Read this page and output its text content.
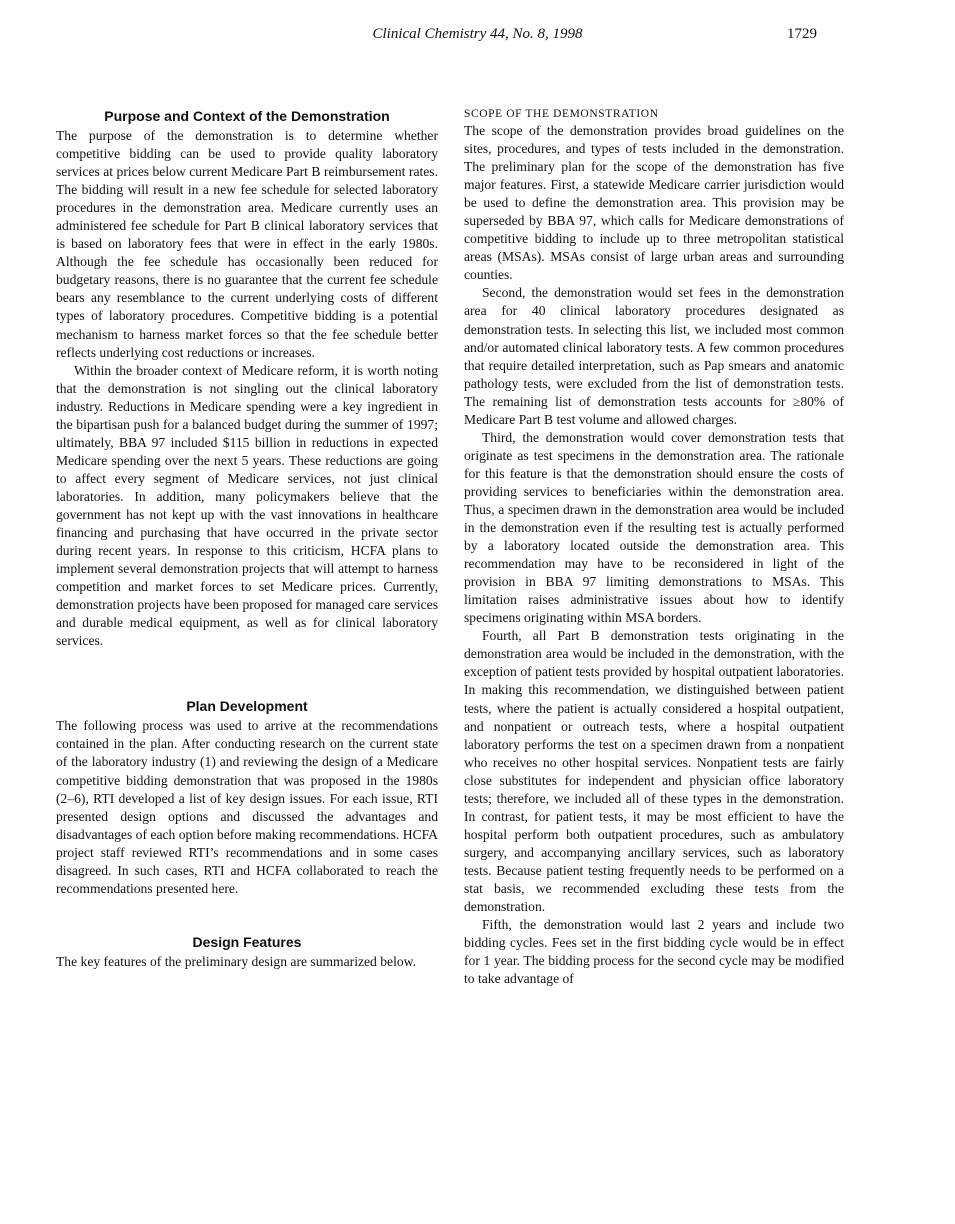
Clinical Chemistry 44, No. 8, 1998	1729
Purpose and Context of the Demonstration

The purpose of the demonstration is to determine whether competitive bidding can be used to provide quality laboratory services at prices below current Medicare Part B reimbursement rates. The bidding will result in a new fee schedule for selected laboratory procedures in the demonstration area. Medicare currently uses an administered fee schedule for Part B clinical laboratory services that is based on laboratory fees that were in effect in the early 1980s. Although the fee schedule has occasionally been reduced for budgetary reasons, there is no guarantee that the current fee schedule bears any resemblance to the current underlying costs of different types of laboratory procedures. Competitive bidding is a potential mechanism to harness market forces so that the fee schedule better reflects underlying cost reductions or increases.

Within the broader context of Medicare reform, it is worth noting that the demonstration is not singling out the clinical laboratory industry. Reductions in Medicare spending were a key ingredient in the bipartisan push for a balanced budget during the summer of 1997; ultimately, BBA 97 included $115 billion in reductions in expected Medicare spending over the next 5 years. These reductions are going to affect every segment of Medicare services, not just clinical laboratories. In addition, many policymakers believe that the government has not kept up with the vast innovations in healthcare financing and purchasing that have occurred in the private sector during recent years. In response to this criticism, HCFA plans to implement several demonstration projects that will attempt to harness competition and market forces to set Medicare prices. Currently, demonstration projects have been proposed for managed care services and durable medical equipment, as well as for clinical laboratory services.

Plan Development

The following process was used to arrive at the recommendations contained in the plan. After conducting research on the current state of the laboratory industry (1) and reviewing the design of a Medicare competitive bidding demonstration that was proposed in the 1980s (2–6), RTI developed a list of key design issues. For each issue, RTI presented design options and discussed the advantages and disadvantages of each option before making recommendations. HCFA project staff reviewed RTI’s recommendations and in some cases disagreed. In such cases, RTI and HCFA collaborated to reach the recommendations presented here.

Design Features

The key features of the preliminary design are summarized below.

SCOPE OF THE DEMONSTRATION

The scope of the demonstration provides broad guidelines on the sites, procedures, and types of tests included in the demonstration. The preliminary plan for the scope of the demonstration has five major features. First, a statewide Medicare carrier jurisdiction would be used to define the demonstration area. This provision may be superseded by BBA 97, which calls for Medicare demonstrations of competitive bidding to include up to three metropolitan statistical areas (MSAs). MSAs consist of large urban areas and surrounding counties.

Second, the demonstration would set fees in the demonstration area for 40 clinical laboratory procedures designated as demonstration tests. In selecting this list, we included most common and/or automated clinical laboratory tests. A few common procedures that require detailed interpretation, such as Pap smears and anatomic pathology tests, were excluded from the list of demonstration tests. The remaining list of demonstration tests accounts for ≥80% of Medicare Part B test volume and allowed charges.

Third, the demonstration would cover demonstration tests that originate as test specimens in the demonstration area. The rationale for this feature is that the demonstration should ensure the costs of providing services to beneficiaries within the demonstration area. Thus, a specimen drawn in the demonstration area would be included in the demonstration even if the resulting test is actually performed by a laboratory located outside the demonstration area. This recommendation may have to be reconsidered in light of the provision in BBA 97 limiting demonstrations to MSAs. This limitation raises administrative issues about how to identify specimens originating within MSA borders.

Fourth, all Part B demonstration tests originating in the demonstration area would be included in the demonstration, with the exception of patient tests provided by hospital outpatient laboratories. In making this recommendation, we distinguished between patient tests, where the patient is actually considered a hospital outpatient, and nonpatient or outreach tests, where a hospital outpatient laboratory performs the test on a specimen drawn from a nonpatient who receives no other hospital services. Nonpatient tests are fairly close substitutes for independent and physician office laboratory tests; therefore, we included all of these types in the demonstration. In contrast, for patient tests, it may be most efficient to have the hospital perform both outpatient procedures, such as ambulatory surgery, and accompanying ancillary services, such as laboratory tests. Because patient testing frequently needs to be performed on a stat basis, we recommended excluding these tests from the demonstration.

Fifth, the demonstration would last 2 years and include two bidding cycles. Fees set in the first bidding cycle would be in effect for 1 year. The bidding process for the second cycle may be modified to take advantage of
